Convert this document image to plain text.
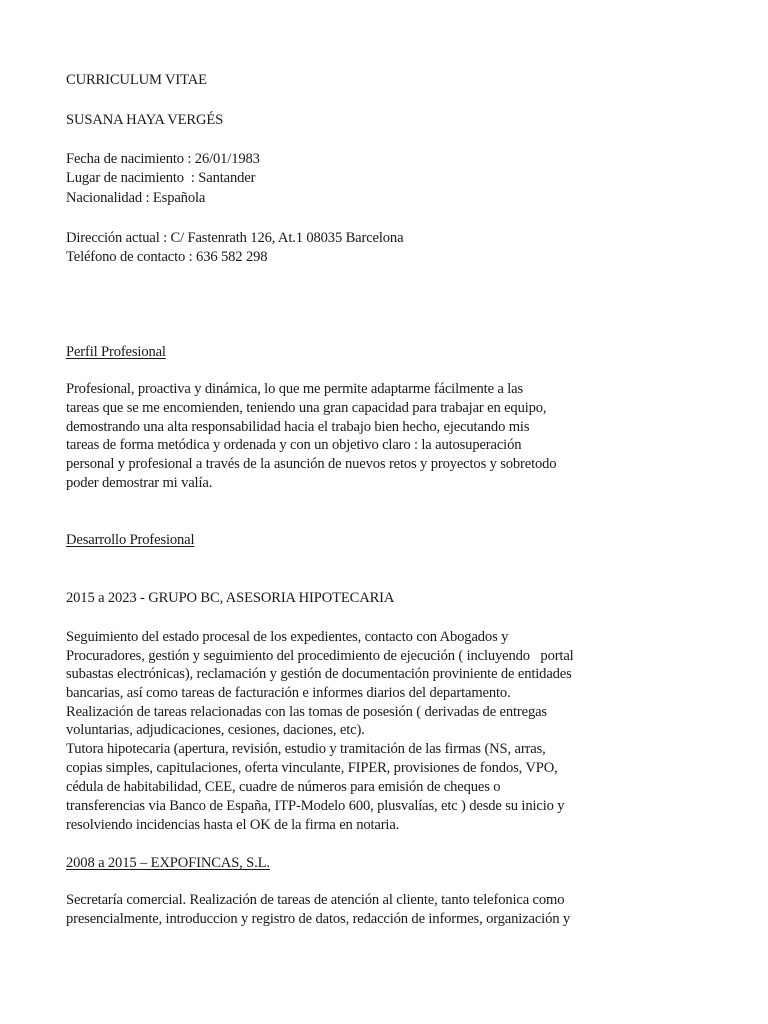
CURRICULUM VITAE
SUSANA HAYA VERGÉS
Fecha de nacimiento : 26/01/1983
Lugar de nacimiento  : Santander
Nacionalidad : Española
Dirección actual : C/ Fastenrath 126, At.1 08035 Barcelona
Teléfono de contacto : 636 582 298
Perfil Profesional
Profesional, proactiva y dinámica, lo que me permite adaptarme fácilmente a las
tareas que se me encomienden, teniendo una gran capacidad para trabajar en equipo,
demostrando una alta responsabilidad hacia el trabajo bien hecho, ejecutando mis
tareas de forma metódica y ordenada y con un objetivo claro : la autosuperación
personal y profesional a través de la asunción de nuevos retos y proyectos y sobretodo
poder demostrar mi valía.
Desarrollo Profesional
2015 a 2023 - GRUPO BC, ASESORIA HIPOTECARIA
Seguimiento del estado procesal de los expedientes, contacto con Abogados y
Procuradores, gestión y seguimiento del procedimiento de ejecución ( incluyendo   portal
subastas electrónicas), reclamación y gestión de documentación proviniente de entidades
bancarias, así como tareas de facturación e informes diarios del departamento.
Realización de tareas relacionadas con las tomas de posesión ( derivadas de entregas
voluntarias, adjudicaciones, cesiones, daciones, etc).
Tutora hipotecaria (apertura, revisión, estudio y tramitación de las firmas (NS, arras,
copias simples, capitulaciones, oferta vinculante, FIPER, provisiones de fondos, VPO,
cédula de habitabilidad, CEE, cuadre de números para emisión de cheques o
transferencias via Banco de España, ITP-Modelo 600, plusvalías, etc ) desde su inicio y
resolviendo incidencias hasta el OK de la firma en notaria.
2008 a 2015 – EXPOFINCAS, S.L.
Secretaría comercial. Realización de tareas de atención al cliente, tanto telefonica como
presencialmente, introduccion y registro de datos, redacción de informes, organización y
